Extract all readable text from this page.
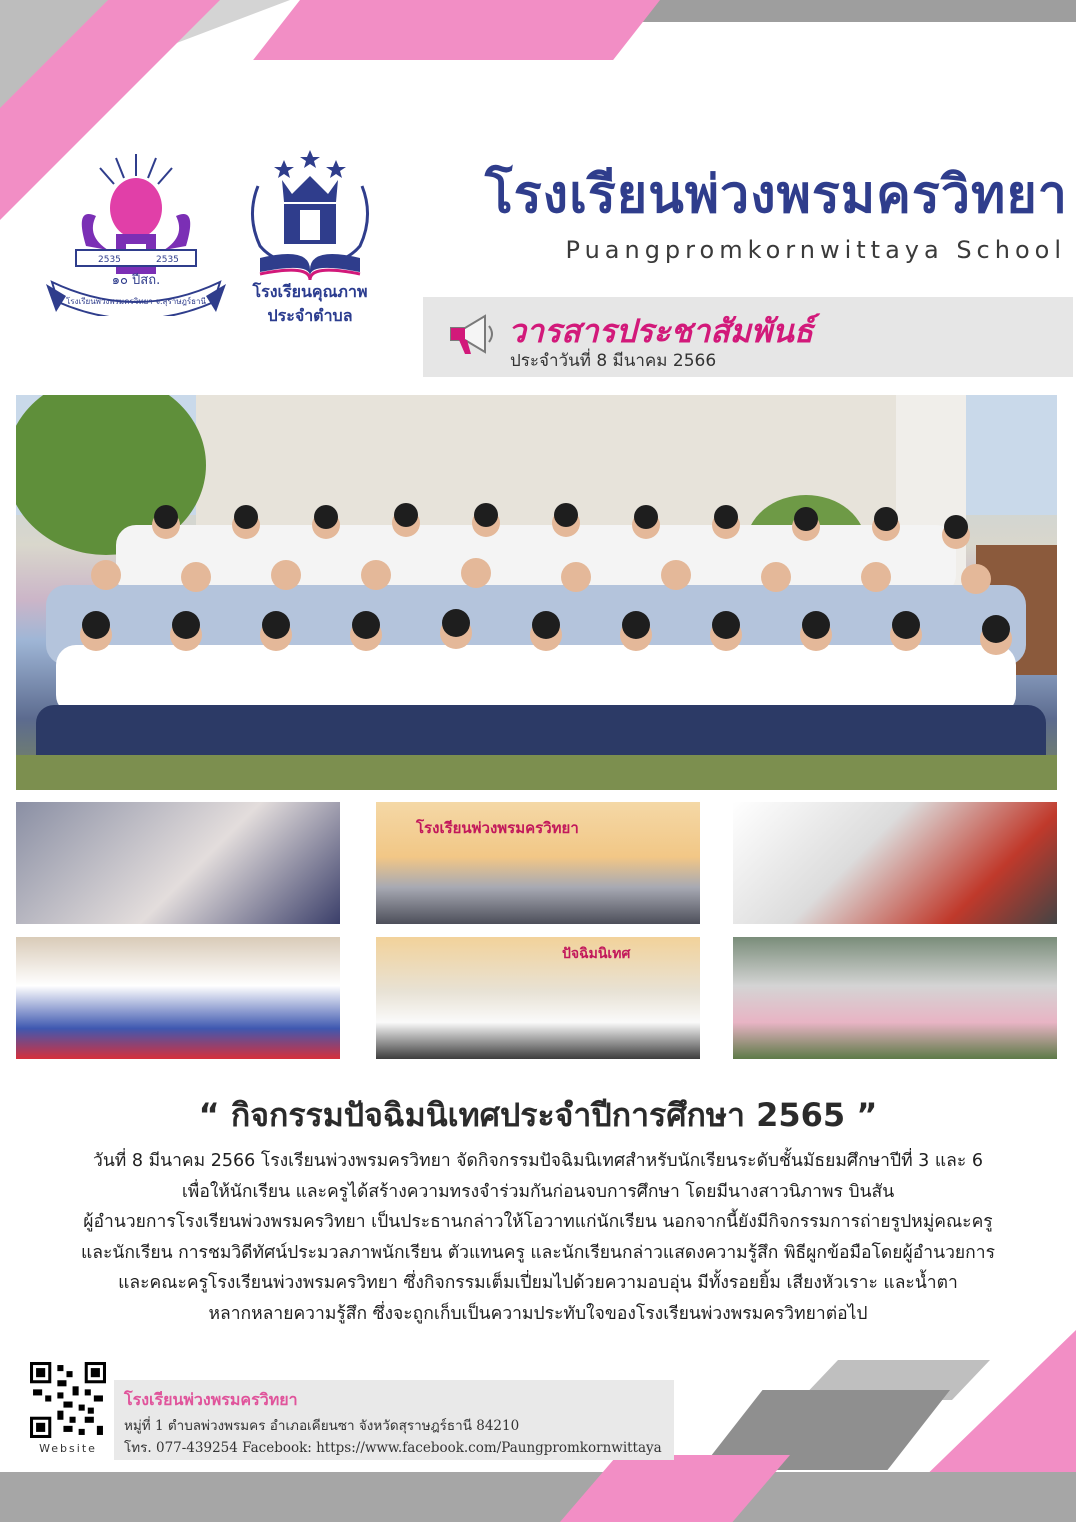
2535	2535
๑๐ ปีสถ.
โรงเรียนพ่วงพรมครวิทยา จ.สุราษฎร์ธานี
โรงเรียนคุณภาพ
ประจำตำบล
โรงเรียนพ่วงพรมครวิทยา
Puangpromkornwittaya School
วารสารประชาสัมพันธ์
ประจำวันที่ 8 มีนาคม 2566
โรงเรียนพ่วงพรมครวิทยา
ปัจฉิมนิเทศ
“ กิจกรรมปัจฉิมนิเทศประจำปีการศึกษา 2565 ”
วันที่ 8 มีนาคม 2566 โรงเรียนพ่วงพรมครวิทยา จัดกิจกรรมปัจฉิมนิเทศสำหรับนักเรียนระดับชั้นมัธยมศึกษาปีที่ 3 และ 6
เพื่อให้นักเรียน และครูได้สร้างความทรงจำร่วมกันก่อนจบการศึกษา โดยมีนางสาวนิภาพร บินสัน
ผู้อำนวยการโรงเรียนพ่วงพรมครวิทยา เป็นประธานกล่าวให้โอวาทแก่นักเรียน นอกจากนี้ยังมีกิจกรรมการถ่ายรูปหมู่คณะครู
และนักเรียน การชมวิดีทัศน์ประมวลภาพนักเรียน ตัวแทนครู และนักเรียนกล่าวแสดงความรู้สึก พิธีผูกข้อมือโดยผู้อำนวยการ
และคณะครูโรงเรียนพ่วงพรมครวิทยา ซึ่งกิจกรรมเต็มเปี่ยมไปด้วยความอบอุ่น มีทั้งรอยยิ้ม เสียงหัวเราะ และน้ำตา
หลากหลายความรู้สึก ซึ่งจะถูกเก็บเป็นความประทับใจของโรงเรียนพ่วงพรมครวิทยาต่อไป
Website
โรงเรียนพ่วงพรมครวิทยา
หมู่ที่ 1 ตำบลพ่วงพรมคร อำเภอเคียนซา จังหวัดสุราษฎร์ธานี 84210
โทร. 077-439254 Facebook: https://www.facebook.com/Paungpromkornwittaya
